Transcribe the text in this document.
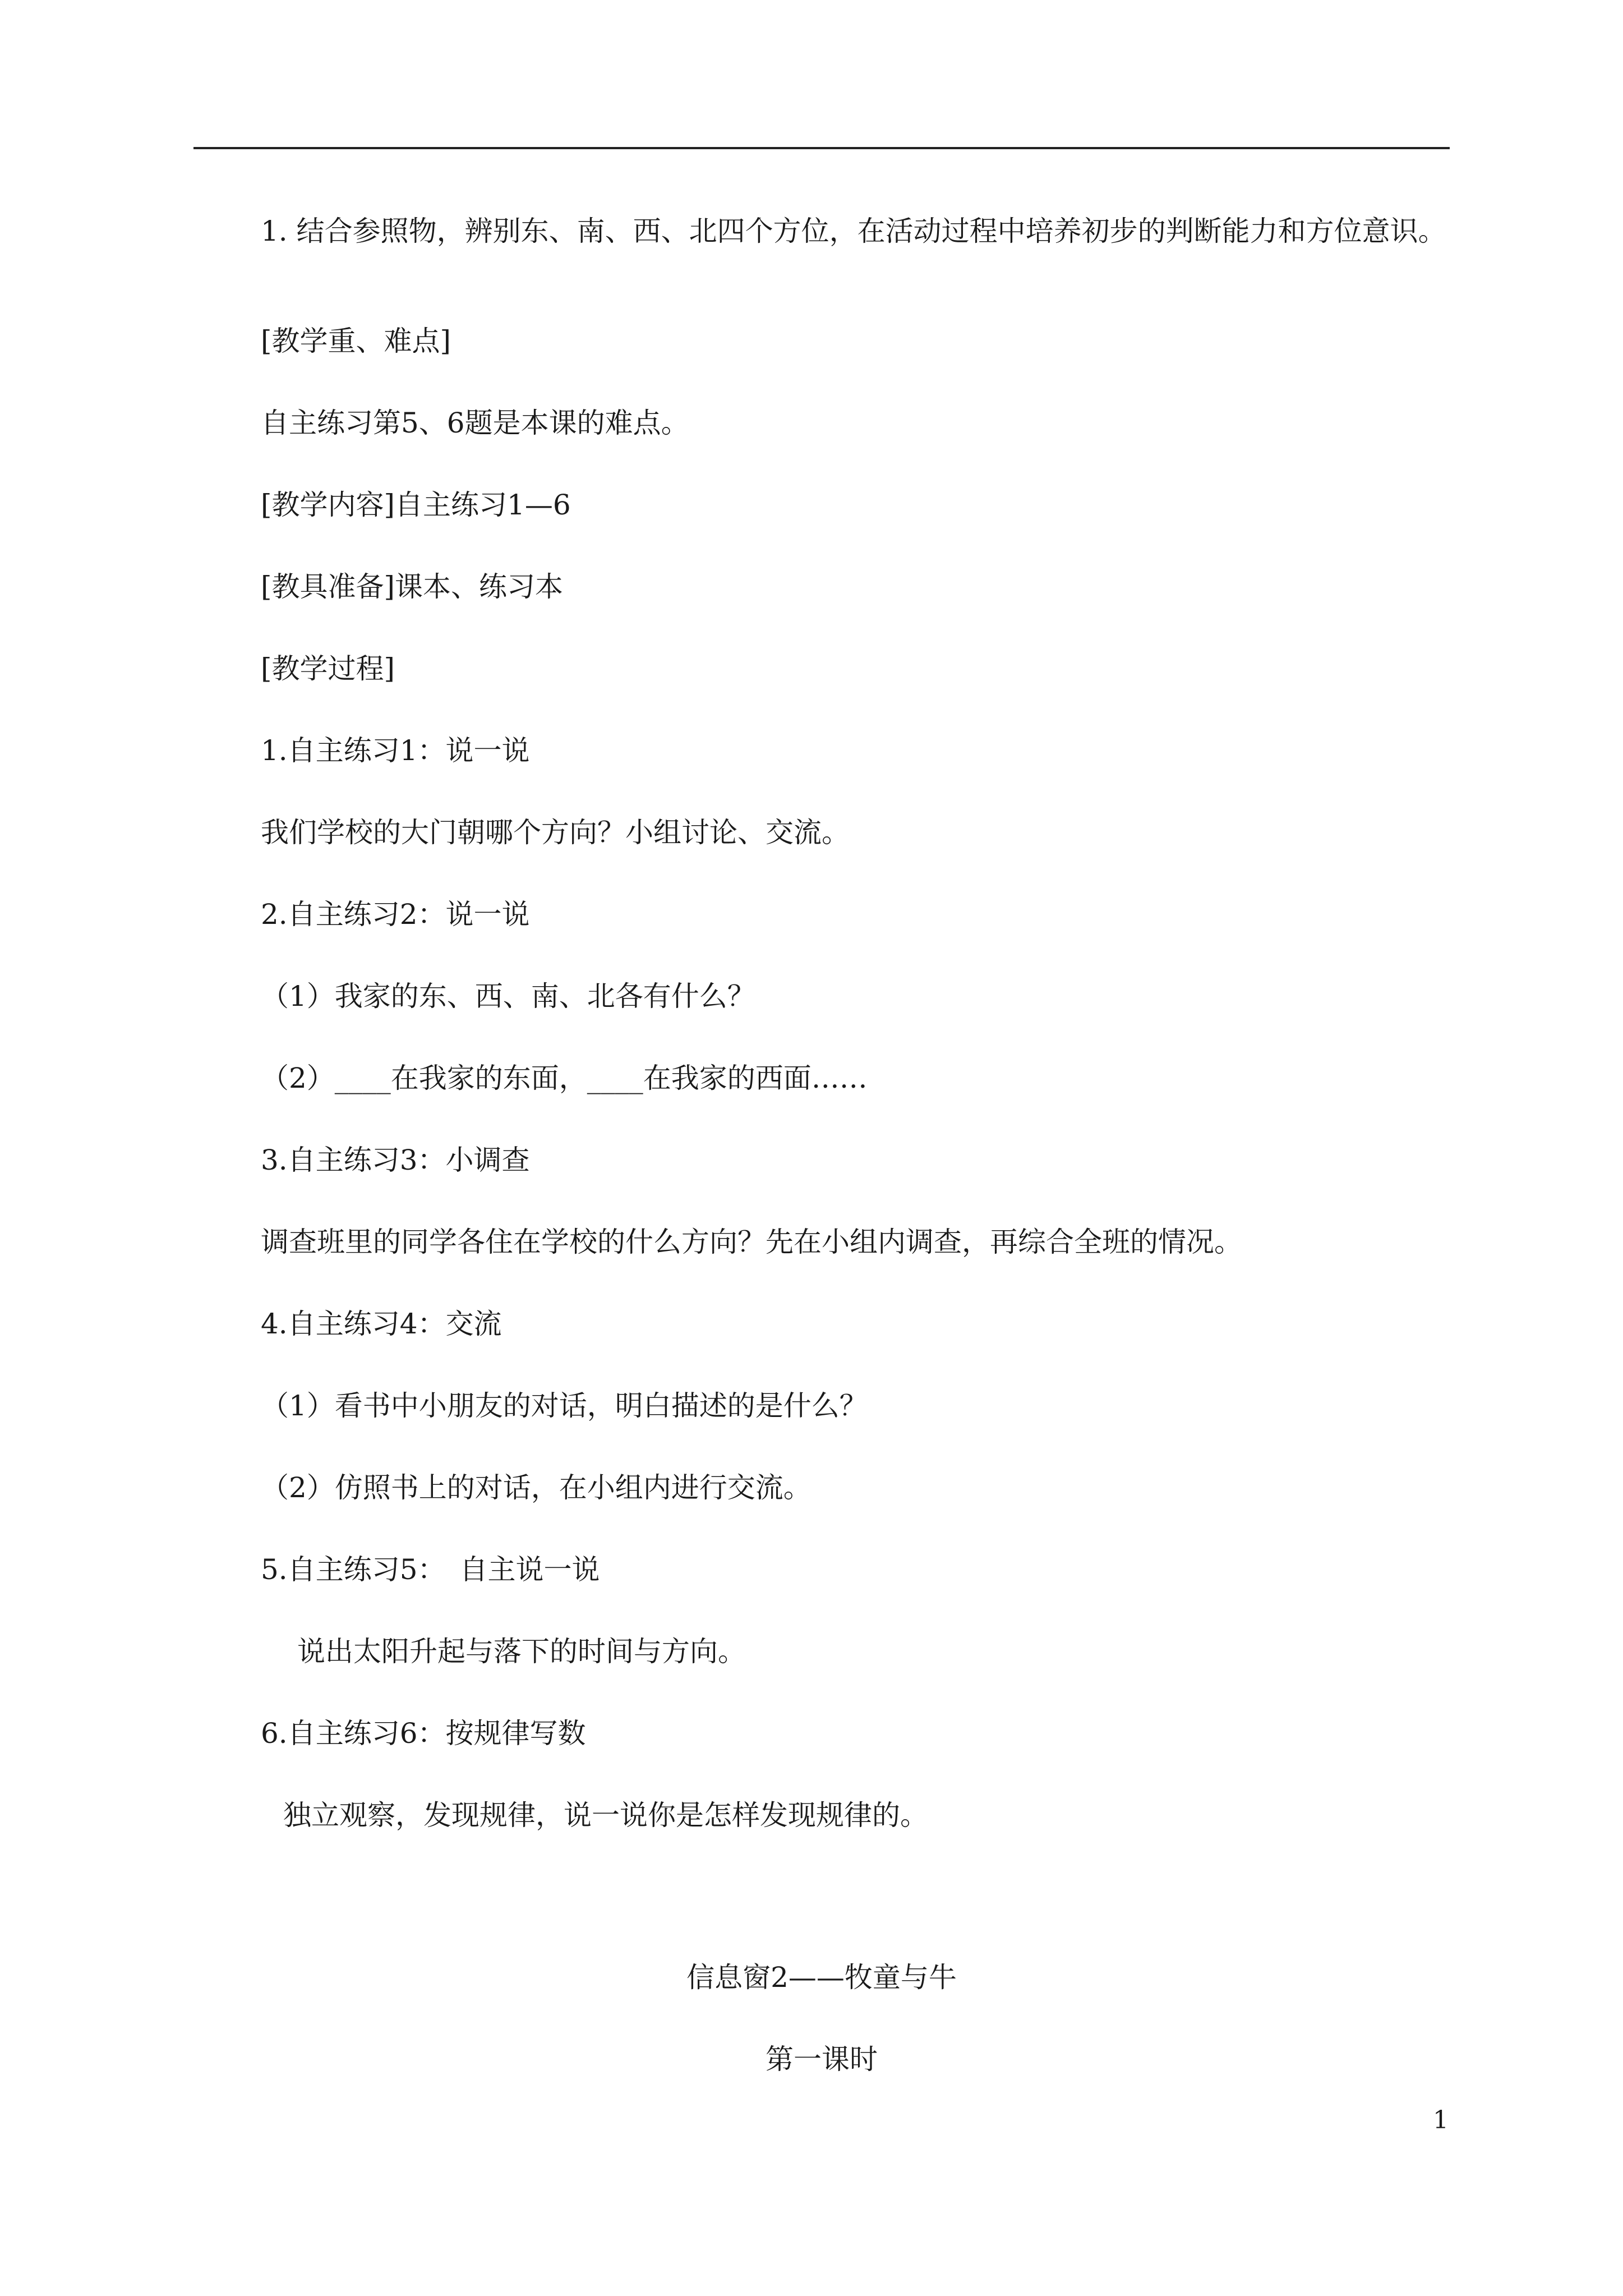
1. 结合参照物，辨别东、南、西、北四个方位，在活动过程中培养初步的判断能力和方位意识。
[教学重、难点]
自主练习第5、6题是本课的难点。
[教学内容]自主练习1—6
[教具准备]课本、练习本
[教学过程]
1.自主练习1：说一说
我们学校的大门朝哪个方向？小组讨论、交流。
2.自主练习2：说一说
（1）我家的东、西、南、北各有什么？
（2）____在我家的东面，____在我家的西面……
3.自主练习3：小调查
调查班里的同学各住在学校的什么方向？先在小组内调查，再综合全班的情况。
4.自主练习4：交流
（1）看书中小朋友的对话，明白描述的是什么？
（2）仿照书上的对话，在小组内进行交流。
5.自主练习5：　自主说一说
说出太阳升起与落下的时间与方向。
6.自主练习6：按规律写数
独立观察，发现规律，说一说你是怎样发现规律的。
信息窗2——牧童与牛
第一课时
1
